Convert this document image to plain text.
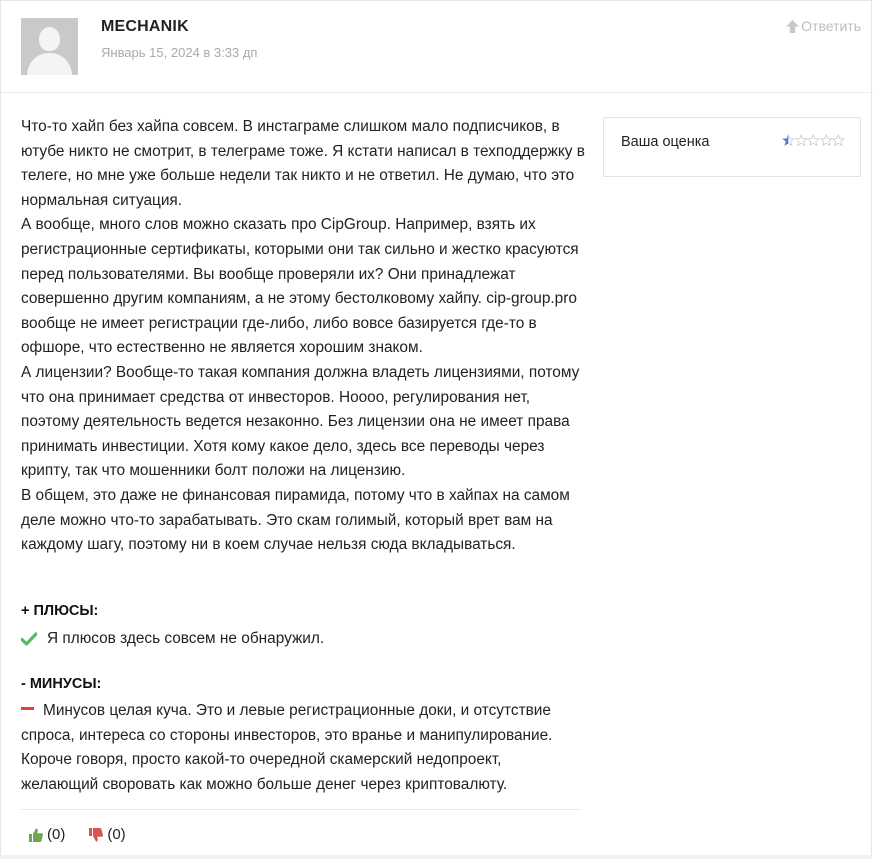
MECHANIK
Январь 15, 2024 в 3:33 дп
Ответить

Что-то хайп без хайпа совсем. В инстаграме слишком мало подписчиков, в ютубе никто не смотрит, в телеграме тоже. Я кстати написал в техподдержку в телеге, но мне уже больше недели так никто и не ответил. Не думаю, что это нормальная ситуация.
А вообще, много слов можно сказать про CipGroup. Например, взять их регистрационные сертификаты, которыми они так сильно и жестко красуются перед пользователями. Вы вообще проверяли их? Они принадлежат совершенно другим компаниям, а не этому бестолковому хайпу. cip-group.pro вообще не имеет регистрации где-либо, либо вовсе базируется где-то в офшоре, что естественно не является хорошим знаком.
А лицензии? Вообще-то такая компания должна владеть лицензиями, потому что она принимает средства от инвесторов. Ноооо, регулирования нет, поэтому деятельность ведется незаконно. Без лицензии она не имеет права принимать инвестиции. Хотя кому какое дело, здесь все переводы через крипту, так что мошенники болт положи на лицензию.
В общем, это даже не финансовая пирамида, потому что в хайпах на самом деле можно что-то зарабатывать. Это скам голимый, который врет вам на каждому шагу, поэтому ни в коем случае нельзя сюда вкладываться.

+ ПЛЮСЫ:
Я плюсов здесь совсем не обнаружил.
- МИНУСЫ:
Минусов целая куча. Это и левые регистрационные доки, и отсутствие спроса, интереса со стороны инвесторов, это вранье и манипулирование. Короче говоря, просто какой-то очередной скамерский недопроект, желающий своровать как можно больше денег через криптовалюту.
(0)	(0)
Ваша оценка
